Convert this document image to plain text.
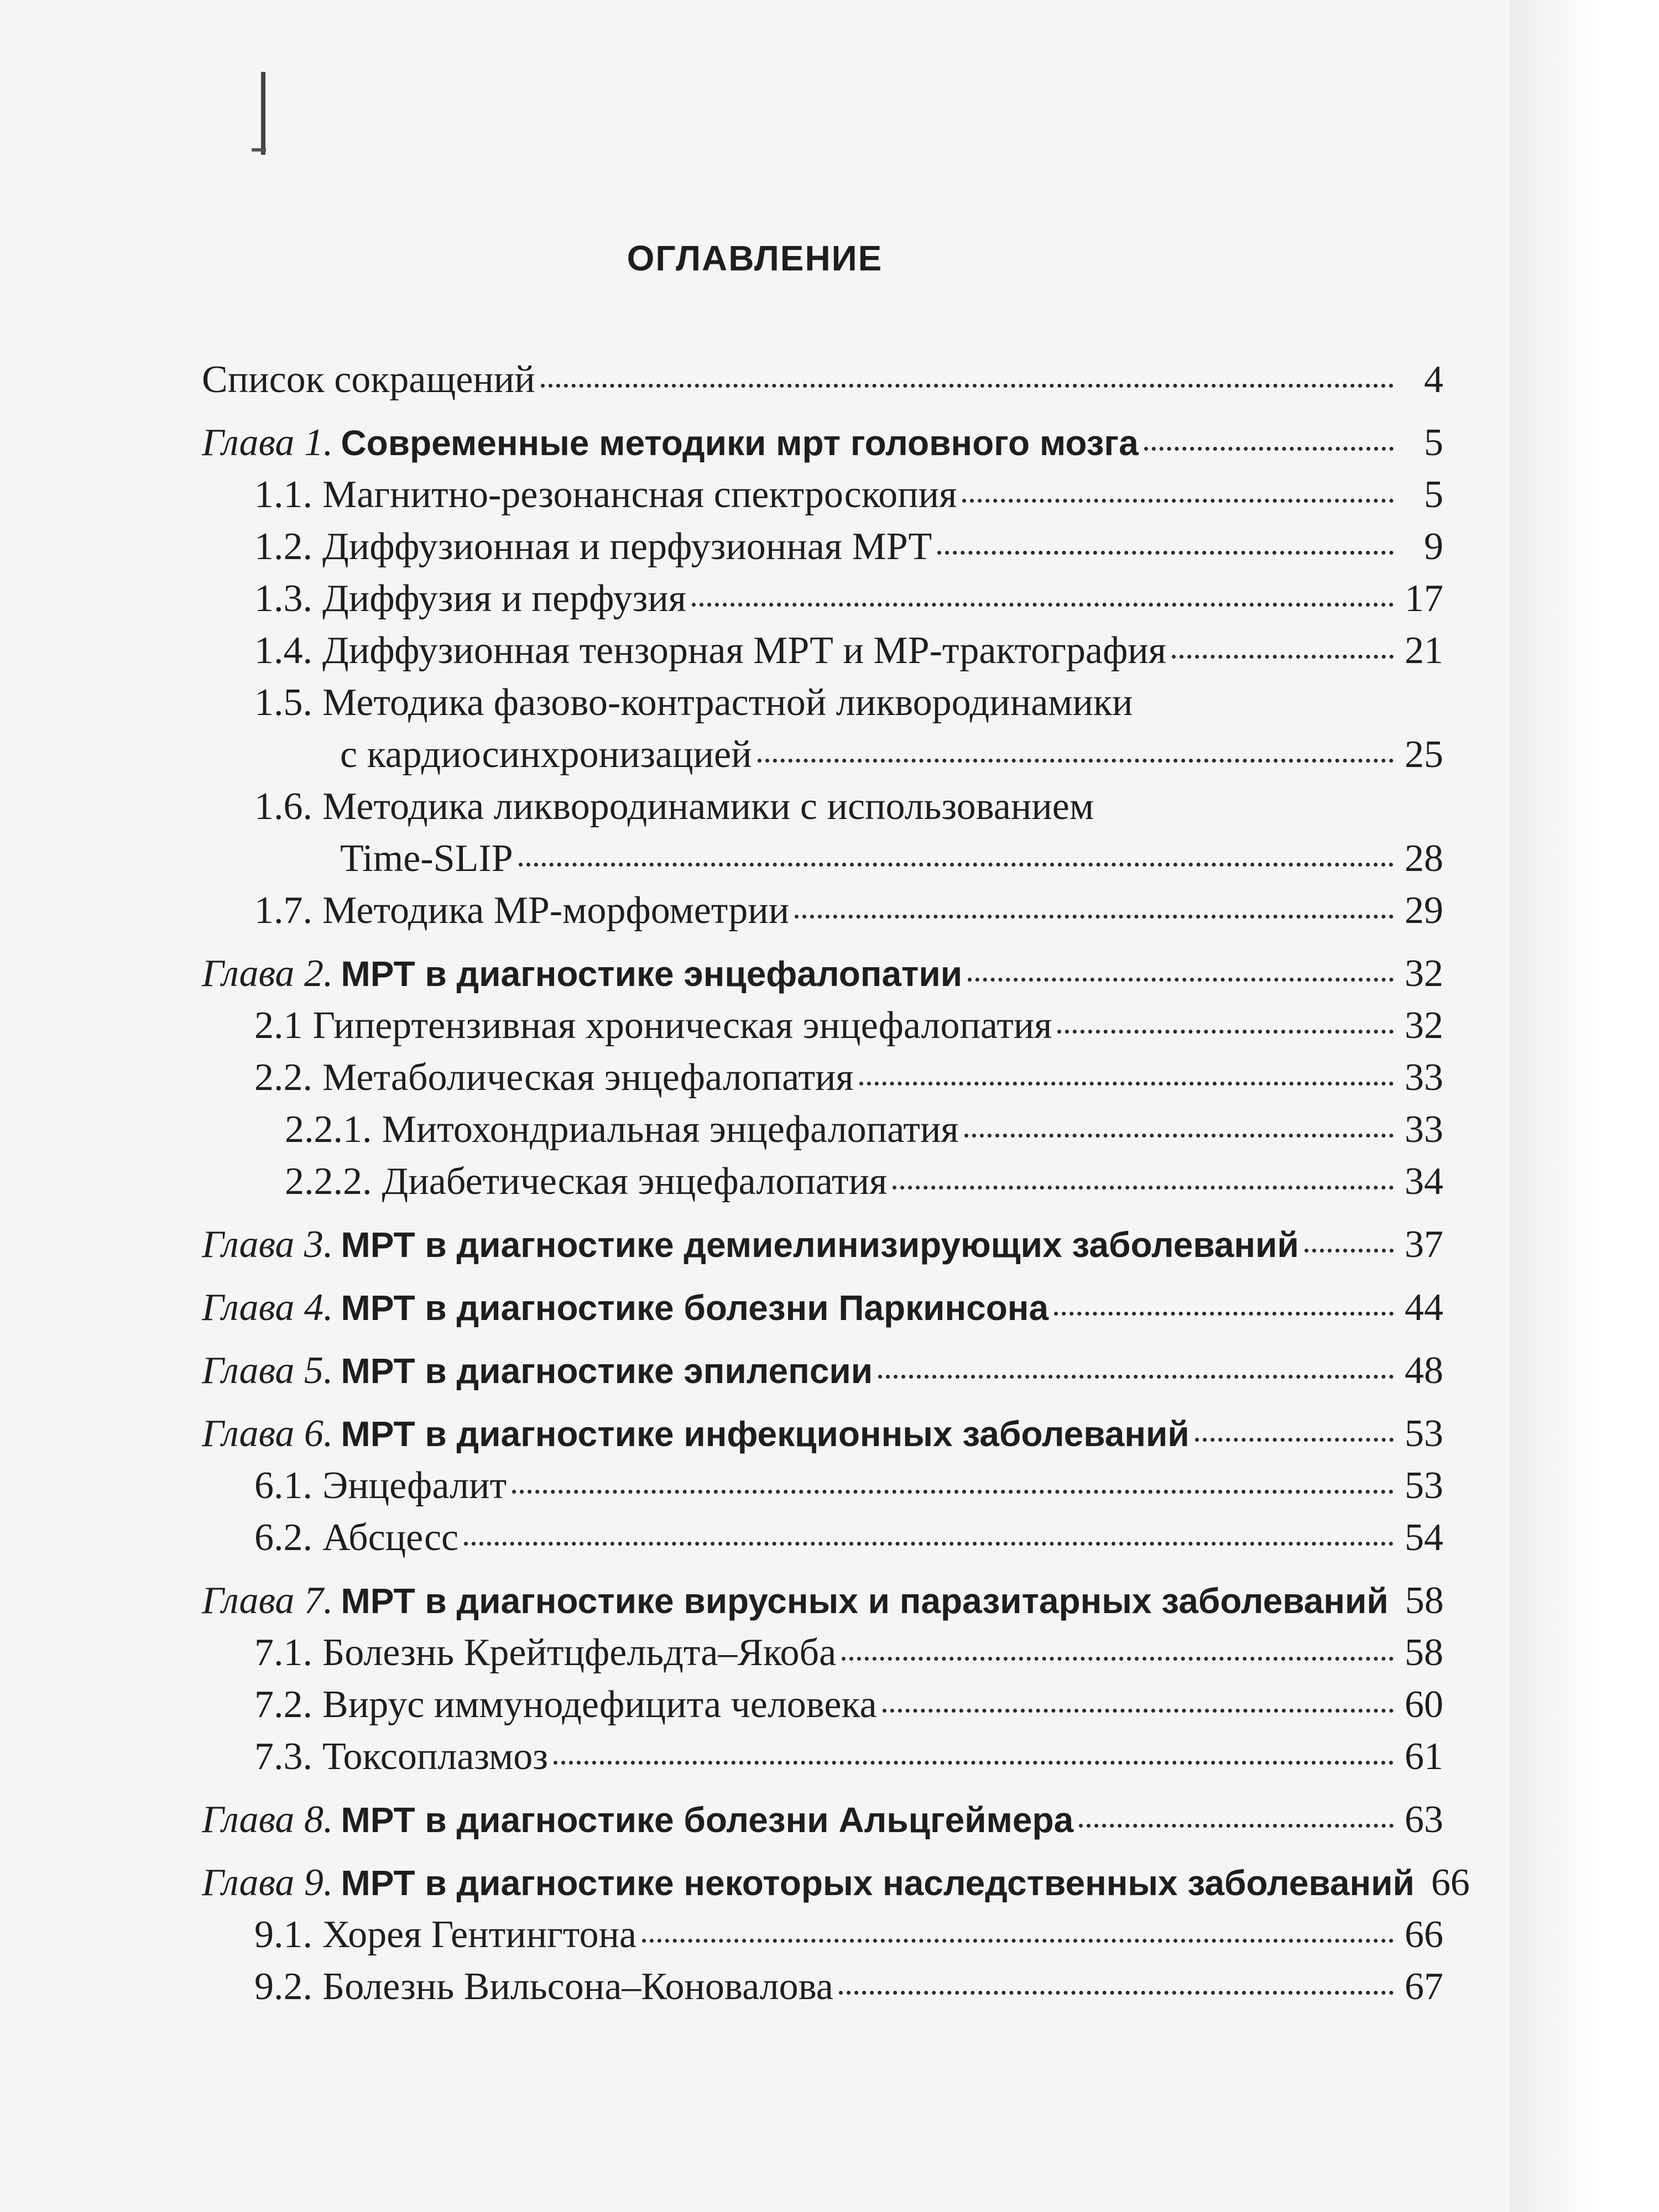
ОГЛАВЛЕНИЕ
Список сокращений	4
Глава 1. Современные методики мрт головного мозга	5
1.1. Магнитно-резонансная спектроскопия	5
1.2. Диффузионная и перфузионная МРТ	9
1.3. Диффузия и перфузия	17
1.4. Диффузионная тензорная МРТ и МР-трактография	21
1.5. Методика фазово-контрастной ликвородинамики
с кардиосинхронизацией	25
1.6. Методика ликвородинамики с использованием
Time-SLIP	28
1.7. Методика МР-морфометрии	29
Глава 2. МРТ в диагностике энцефалопатии	32
2.1 Гипертензивная хроническая энцефалопатия	32
2.2. Метаболическая энцефалопатия	33
2.2.1. Митохондриальная энцефалопатия	33
2.2.2. Диабетическая энцефалопатия	34
Глава 3. МРТ в диагностике демиелинизирующих заболеваний	37
Глава 4. МРТ в диагностике болезни Паркинсона	44
Глава 5. МРТ в диагностике эпилепсии	48
Глава 6. МРТ в диагностике инфекционных заболеваний	53
6.1. Энцефалит	53
6.2. Абсцесс	54
Глава 7. МРТ в диагностике вирусных и паразитарных заболеваний 58
7.1. Болезнь Крейтцфельдта–Якоба	58
7.2. Вирус иммунодефицита человека	60
7.3. Токсоплазмоз	61
Глава 8. МРТ в диагностике болезни Альцгеймера	63
Глава 9. МРТ в диагностике некоторых наследственных заболеваний 66
9.1. Хорея Гентингтона	66
9.2. Болезнь Вильсона–Коновалова	67
